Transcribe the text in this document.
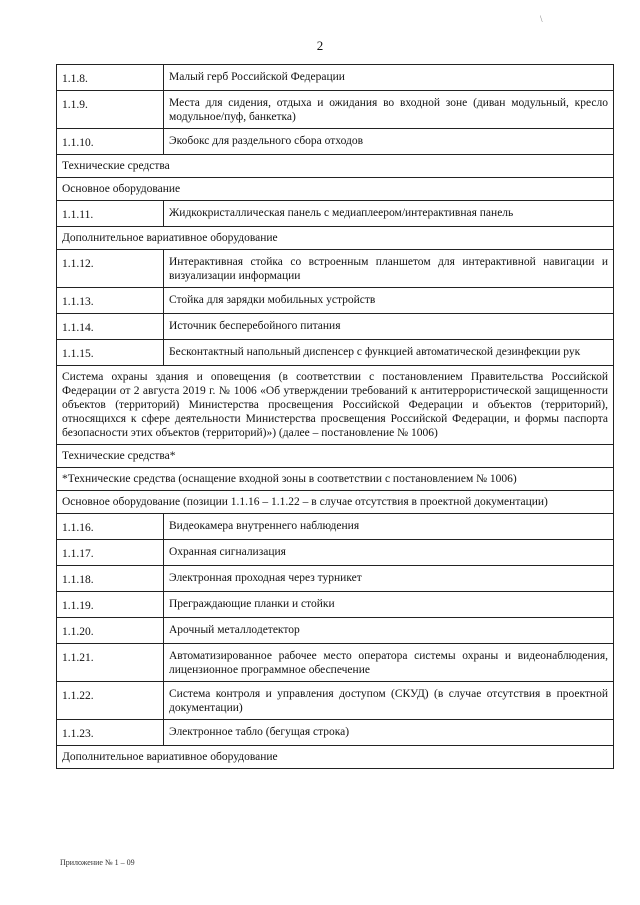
\
2
1.1.8.	Малый герб Российской Федерации
1.1.9.	Места для сидения, отдыха и ожидания во входной зоне (диван модульный, кресло модульное/пуф, банкетка)
1.1.10.	Экобокс для раздельного сбора отходов
Технические средства	
Основное оборудование	
1.1.11.	Жидкокристаллическая панель с медиаплеером/интерактивная панель
Дополнительное вариативное оборудование	
1.1.12.	Интерактивная стойка со встроенным планшетом для интерактивной навигации и визуализации информации
1.1.13.	Стойка для зарядки мобильных устройств
1.1.14.	Источник бесперебойного питания
1.1.15.	Бесконтактный напольный диспенсер с функцией автоматической дезинфекции рук
Система охраны здания и оповещения (в соответствии с постановлением Правительства Российской Федерации от 2 августа 2019 г. № 1006 «Об утверждении требований к антитеррористической защищенности объектов (территорий) Министерства просвещения Российской Федерации и объектов (территорий), относящихся к сфере деятельности Министерства просвещения Российской Федерации, и формы паспорта безопасности этих объектов (территорий)») (далее – постановление № 1006)	
Технические средства*	
*Технические средства (оснащение входной зоны в соответствии с постановлением № 1006)	
Основное оборудование (позиции 1.1.16 – 1.1.22 – в случае отсутствия в проектной документации)	
1.1.16.	Видеокамера внутреннего наблюдения
1.1.17.	Охранная сигнализация
1.1.18.	Электронная проходная через турникет
1.1.19.	Преграждающие планки и стойки
1.1.20.	Арочный металлодетектор
1.1.21.	Автоматизированное рабочее место оператора системы охраны и видеонаблюдения, лицензионное программное обеспечение
1.1.22.	Система контроля и управления доступом (СКУД) (в случае отсутствия в проектной документации)
1.1.23.	Электронное табло (бегущая строка)
Дополнительное вариативное оборудование	
Приложение № 1 – 09
